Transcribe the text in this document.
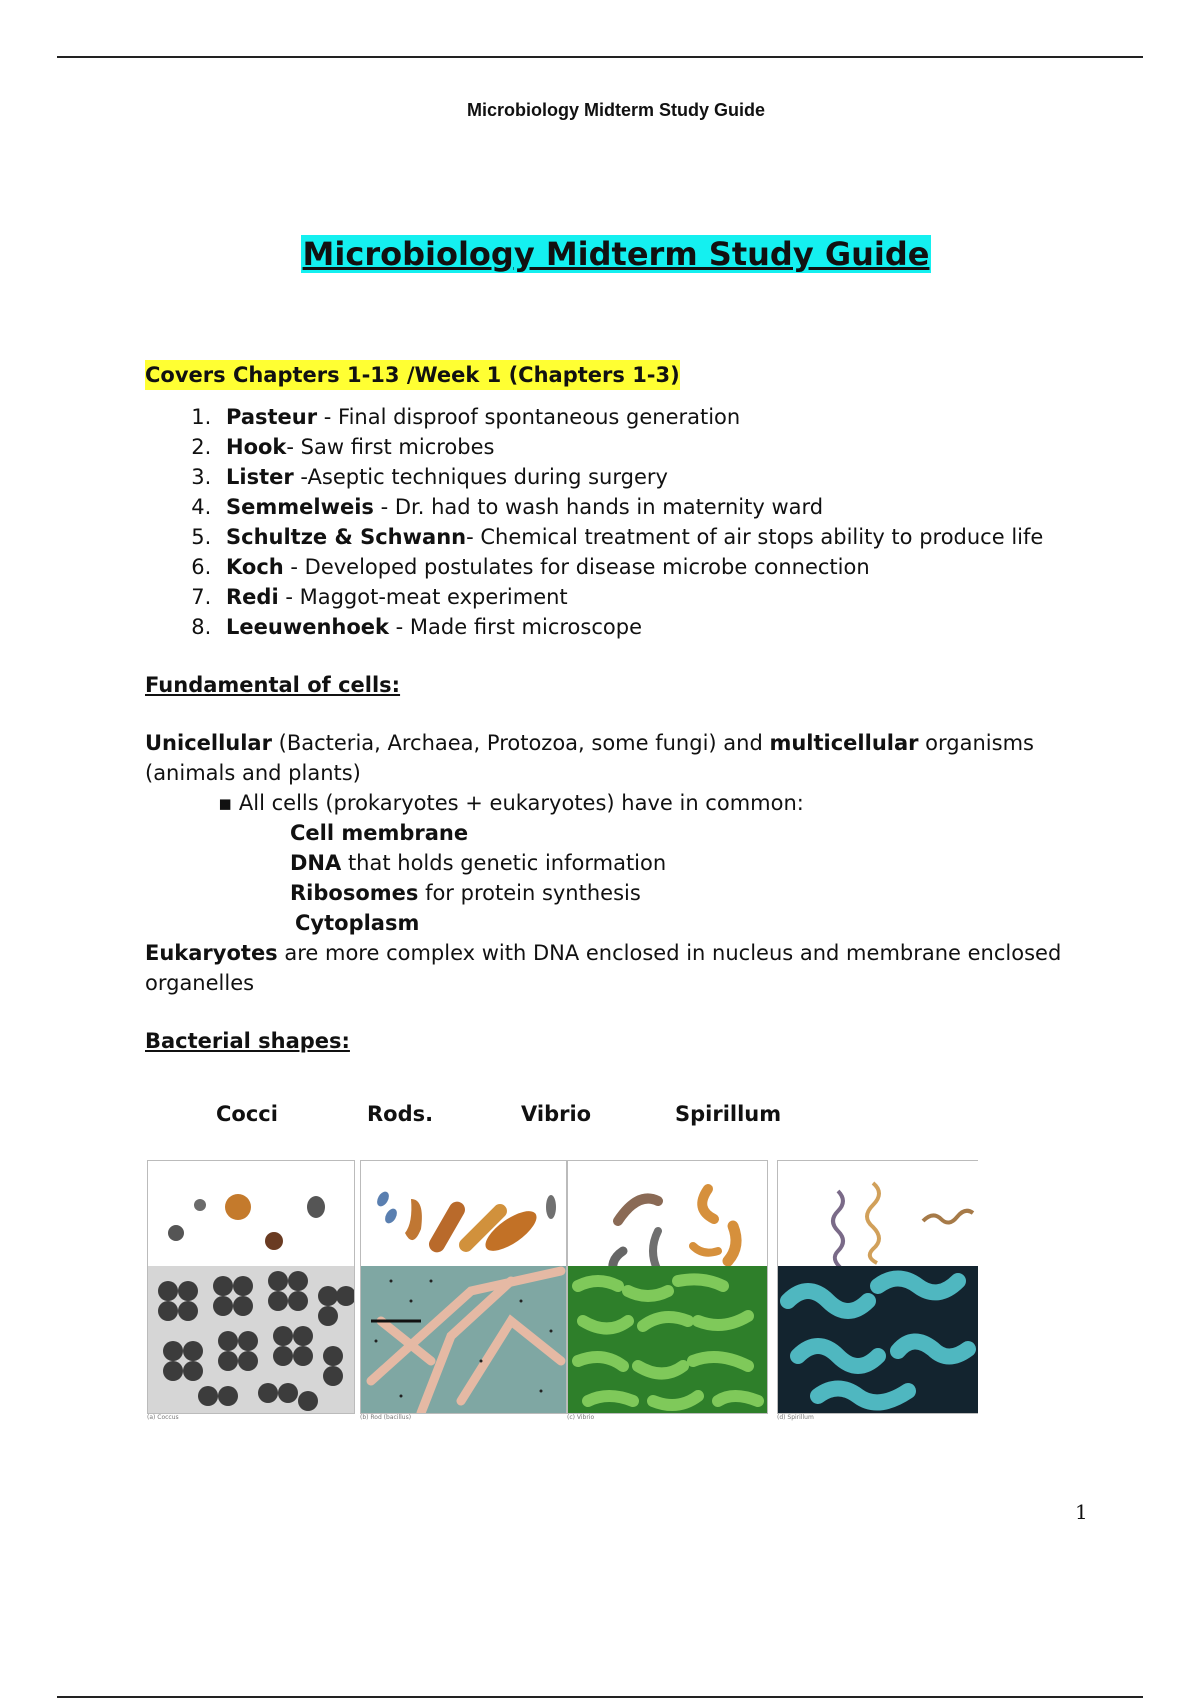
Microbiology Midterm Study Guide
Microbiology Midterm Study Guide
Covers Chapters 1-13 /Week 1 (Chapters 1-3)
1. Pasteur - Final disproof spontaneous generation
2. Hook- Saw first microbes
3. Lister -Aseptic techniques during surgery
4. Semmelweis - Dr. had to wash hands in maternity ward
5. Schultze & Schwann- Chemical treatment of air stops ability to produce life
6. Koch - Developed postulates for disease microbe connection
7. Redi - Maggot-meat experiment
8. Leeuwenhoek - Made first microscope
Fundamental of cells:
Unicellular (Bacteria, Archaea, Protozoa, some fungi) and multicellular organisms (animals and plants)
▪ All cells (prokaryotes + eukaryotes) have in common:
Cell membrane
DNA that holds genetic information
Ribosomes for protein synthesis
Cytoplasm
Eukaryotes are more complex with DNA enclosed in nucleus and membrane enclosed organelles
Bacterial shapes:
Cocci	Rods.	Vibrio	Spirillum
(a) Coccus	(b) Rod (bacillus)	(c) Vibrio	(d) Spirillum
1
